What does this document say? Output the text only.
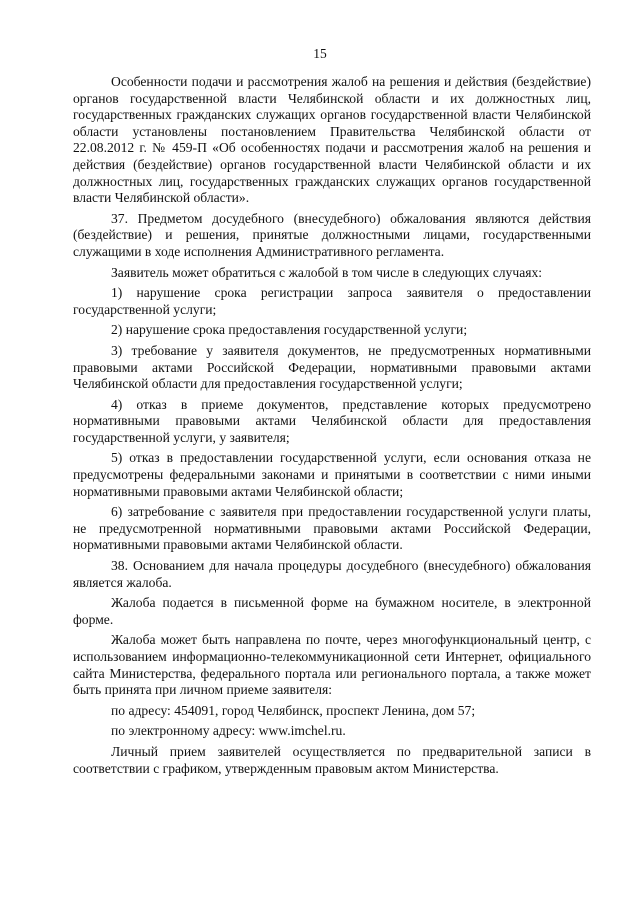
15

Особенности подачи и рассмотрения жалоб на решения и действия (бездействие) органов государственной власти Челябинской области и их должностных лиц, государственных гражданских служащих органов государственной власти Челябинской области установлены постановлением Правительства Челябинской области от 22.08.2012 г. № 459-П «Об особенностях подачи и рассмотрения жалоб на решения и действия (бездействие) органов государственной власти Челябинской области и их должностных лиц, государственных гражданских служащих органов государственной власти Челябинской области».

37. Предметом досудебного (внесудебного) обжалования являются действия (бездействие) и решения, принятые должностными лицами, государственными служащими в ходе исполнения Административного регламента.

Заявитель может обратиться с жалобой в том числе в следующих случаях:

1) нарушение срока регистрации запроса заявителя о предоставлении государственной услуги;

2) нарушение срока предоставления государственной услуги;

3) требование у заявителя документов, не предусмотренных нормативными правовыми актами Российской Федерации, нормативными правовыми актами Челябинской области для предоставления государственной услуги;

4) отказ в приеме документов, представление которых предусмотрено нормативными правовыми актами Челябинской области для предоставления государственной услуги, у заявителя;

5) отказ в предоставлении государственной услуги, если основания отказа не предусмотрены федеральными законами и принятыми в соответствии с ними иными нормативными правовыми актами Челябинской области;

6) затребование с заявителя при предоставлении государственной услуги платы, не предусмотренной нормативными правовыми актами Российской Федерации, нормативными правовыми актами Челябинской области.

38. Основанием для начала процедуры досудебного (внесудебного) обжалования является жалоба.

Жалоба подается в письменной форме на бумажном носителе, в электронной форме.

Жалоба может быть направлена по почте, через многофункциональный центр, с использованием информационно-телекоммуникационной сети Интернет, официального сайта Министерства, федерального портала или регионального портала, а также может быть принята при личном приеме заявителя:

по адресу: 454091, город Челябинск, проспект Ленина, дом 57;

по электронному адресу: www.imchel.ru.

Личный прием заявителей осуществляется по предварительной записи в соответствии с графиком, утвержденным правовым актом Министерства.
